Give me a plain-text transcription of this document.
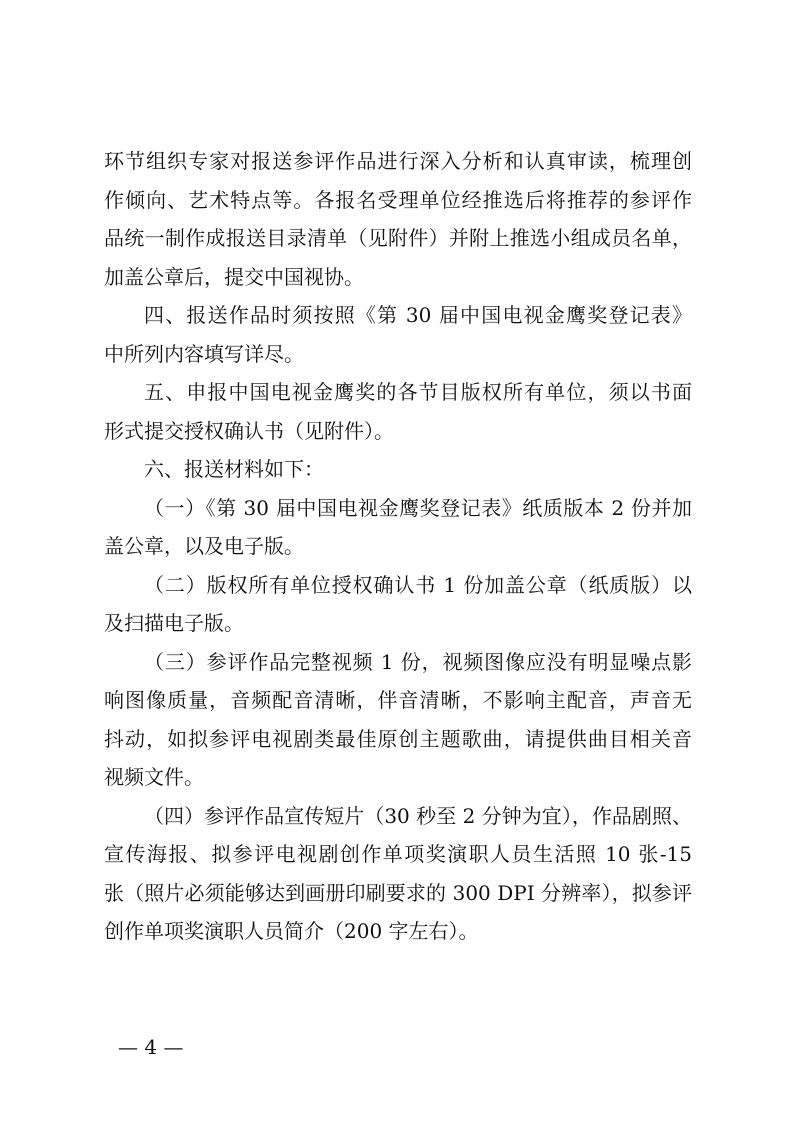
环节组织专家对报送参评作品进行深入分析和认真审读，梳理创
作倾向、艺术特点等。各报名受理单位经推选后将推荐的参评作
品统一制作成报送目录清单（见附件）并附上推选小组成员名单，
加盖公章后，提交中国视协。
四、报送作品时须按照《第 30 届中国电视金鹰奖登记表》
中所列内容填写详尽。
五、申报中国电视金鹰奖的各节目版权所有单位，须以书面
形式提交授权确认书（见附件）。
六、报送材料如下：
（一）《第 30 届中国电视金鹰奖登记表》纸质版本 2 份并加
盖公章，以及电子版。
（二）版权所有单位授权确认书 1 份加盖公章（纸质版）以
及扫描电子版。
（三）参评作品完整视频 1 份，视频图像应没有明显噪点影
响图像质量，音频配音清晰，伴音清晰，不影响主配音，声音无
抖动，如拟参评电视剧类最佳原创主题歌曲，请提供曲目相关音
视频文件。
（四）参评作品宣传短片（30 秒至 2 分钟为宜），作品剧照、
宣传海报、拟参评电视剧创作单项奖演职人员生活照 10 张-15
张（照片必须能够达到画册印刷要求的 300 DPI 分辨率），拟参评
创作单项奖演职人员简介（200 字左右）。
— 4 —
